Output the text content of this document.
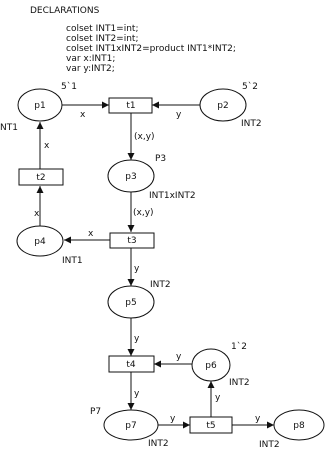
DECLARATIONS
colset INT1=int;
colset INT2=int;
colset INT1xINT2=product INT1*INT2;
var x:INT1;
var y:INT2;
p1	p2
p3
p4
p5
p6
p7	p8
t1
t2
t3
t4
t5
x	y
(x,y)
(x,y)
x
x
x
y
y
y
y
y
y
y
5`1	5`2
1`2
NT1	INT2
P3
INT1xINT2
INT1
INT2
INT2
P7
INT2	INT2
